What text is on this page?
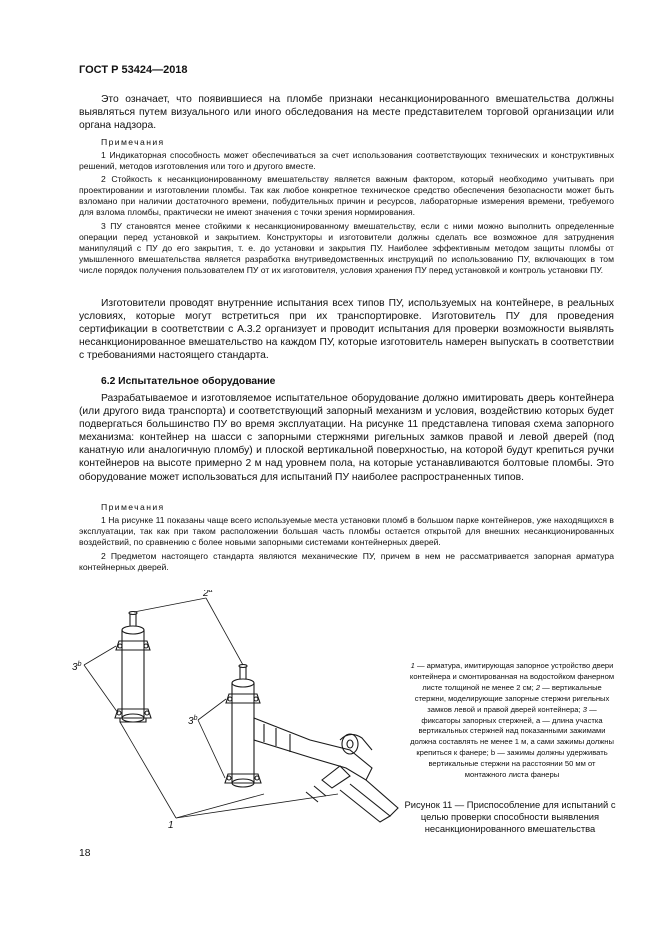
ГОСТ Р 53424—2018

Это означает, что появившиеся на пломбе признаки несанкционированного вмешательства должны выявляться путем визуального или иного обследования на месте представителем торговой организации или органа надзора.

Примечания

1 Индикаторная способность может обеспечиваться за счет использования соответствующих технических и конструктивных решений, методов изготовления или того и другого вместе.

2 Стойкость к несанкционированному вмешательству является важным фактором, который необходимо учитывать при проектировании и изготовлении пломбы. Так как любое конкретное техническое средство обеспечения безопасности может быть взломано при наличии достаточного времени, побудительных причин и ресурсов, лабораторные измерения времени, требуемого для взлома пломбы, практически не имеют значения с точки зрения нормирования.

3 ПУ становятся менее стойкими к несанкционированному вмешательству, если с ними можно выполнить определенные операции перед установкой и закрытием. Конструкторы и изготовители должны сделать все возможное для затруднения манипуляций с ПУ до его закрытия, т. е. до установки и закрытия ПУ. Наиболее эффективным методом защиты пломбы от умышленного вмешательства является разработка внутриведомственных инструкций по использованию ПУ, включающих в том числе порядок получения пользователем ПУ от их изготовителя, условия хранения ПУ перед установкой и контроль установки ПУ.

Изготовители проводят внутренние испытания всех типов ПУ, используемых на контейнере, в реальных условиях, которые могут встретиться при их транспортировке. Изготовитель ПУ для проведения сертификации в соответствии с А.3.2 организует и проводит испытания для проверки возможности выявлять несанкционированное вмешательство на каждом ПУ, которые изготовитель намерен выпускать в соответствии с требованиями настоящего стандарта.

6.2 Испытательное оборудование

Разрабатываемое и изготовляемое испытательное оборудование должно имитировать дверь контейнера (или другого вида транспорта) и соответствующий запорный механизм и условия, воздействию которых будет подвергаться большинство ПУ во время эксплуатации. На рисунке 11 представлена типовая схема запорного механизма: контейнер на шасси с запорными стержнями ригельных замков правой и левой дверей (под канатную или аналогичную пломбу) и плоской вертикальной поверхностью, на которой будут крепиться ручки контейнеров на высоте примерно 2 м над уровнем пола, на которые устанавливаются болтовые пломбы. Это оборудование может использоваться для испытаний ПУ наиболее распространенных типов.

Примечания

1 На рисунке 11 показаны чаще всего используемые места установки пломб в большом парке контейнеров, уже находящихся в эксплуатации, так как при таком расположении большая часть пломбы остается открытой для внешних несанкционированных воздействий, по сравнению с более новыми запорными системами контейнерных дверей.

2 Предметом настоящего стандарта являются механические ПУ, причем в нем не рассматривается запорная арматура контейнерных дверей.

2$^a$
3$^b$
3$^b$
1

1 — арматура, имитирующая запорное устройство двери контейнера и смонтированная на водостойком фанерном листе толщиной не менее 2 см; 2 — вертикальные стержни, моделирующие запорные стержни ригельных замков левой и правой дверей контейнера; 3 — фиксаторы запорных стержней, a — длина участка вертикальных стержней над показанными зажимами должна составлять не менее 1 м, а сами зажимы должны крепиться к фанере; b — зажимы должны удерживать вертикальные стержни на расстоянии 50 мм от монтажного листа фанеры

Рисунок 11 — Приспособление для испытаний с целью проверки способности выявления несанкционированного вмешательства

18
